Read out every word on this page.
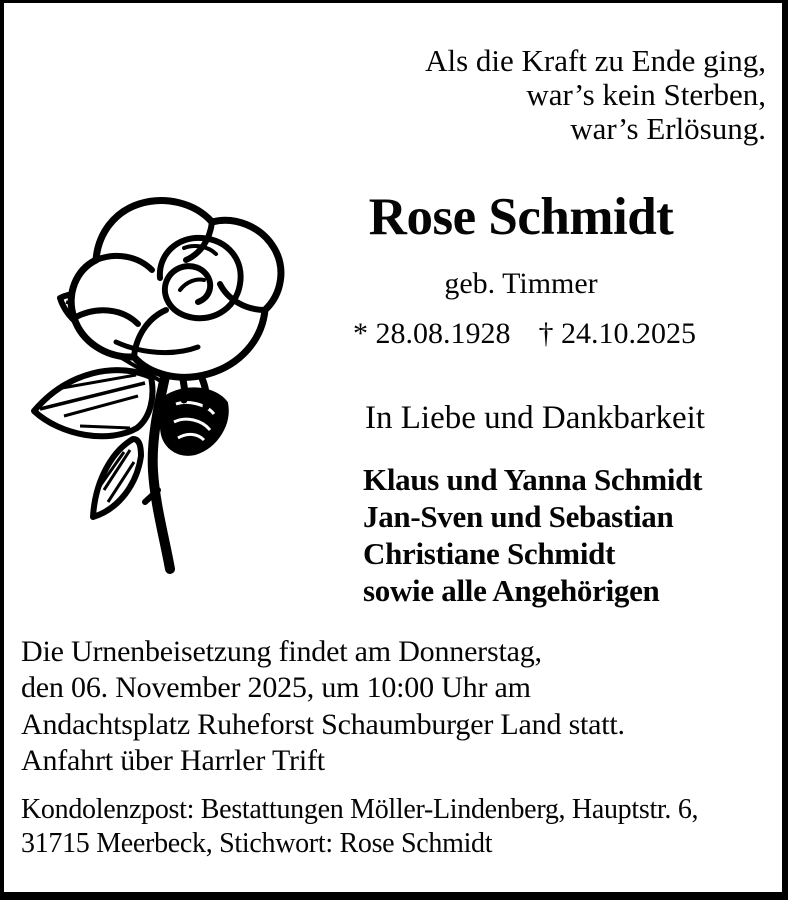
Als die Kraft zu Ende ging,
war’s kein Sterben,
war’s Erlösung.
Rose Schmidt
geb. Timmer
* 28.08.1928 † 24.10.2025
In Liebe und Dankbarkeit
Klaus und Yanna Schmidt
Jan-Sven und Sebastian
Christiane Schmidt
sowie alle Angehörigen
Die Urnenbeisetzung findet am Donnerstag,
den 06. November 2025, um 10:00 Uhr am
Andachtsplatz Ruheforst Schaumburger Land statt.
Anfahrt über Harrler Trift
Kondolenzpost: Bestattungen Möller-Lindenberg, Hauptstr. 6,
31715 Meerbeck, Stichwort: Rose Schmidt
